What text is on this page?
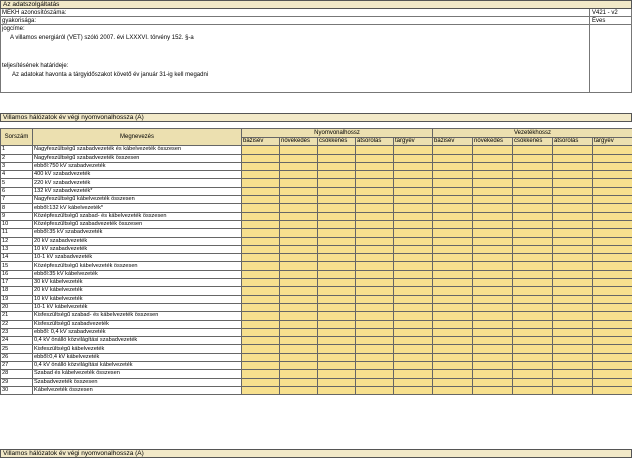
Az adatszolgáltatás
MEKH azonosítószáma:	V421 - v2
gyakorisága:	Éves
jogcíme:
A villamos energiáról (VET) szóló 2007. évi LXXXVI. törvény 152. §-a
teljesítésének határideje:
Az adatokat havonta a tárgyidőszakot követő év január 31-ig kell megadni
Villamos hálózatok év végi nyomvonalhossza (A)
Sorszám	Megnevezés	Nyomvonalhossz					Vezetékhossz				
		bázisév	növekedés	csökkenés	átsorolás	tárgyév	bázisév	növekedés	csökkenés	átsorolás	tárgyév
1	Nagyfeszültségű szabadvezeték és kábelvezeték összesen										
2	Nagyfeszültségű szabadvezeték összesen										
3	ebből:750 kV szabadvezeték										
4	400 kV szabadvezeték										
5	220 kV szabadvezeték										
6	132 kV szabadvezeték*										
7	Nagyfeszültségű kábelvezeték összesen										
8	ebből:132 kV kábelvezeték*										
9	Középfeszültségű szabad- és kábelvezeték összesen										
10	Középfeszültségű szabadvezeték összesen										
11	ebből:35 kV szabadvezeték										
12	20 kV szabadvezeték										
13	10 kV szabadvezeték										
14	10-1 kV szabadvezeték										
15	Középfeszültségű kábelvezeték összesen										
16	ebből:35 kV kábelvezeték										
17	30 kV kábelvezeték										
18	20 kV kábelvezeték										
19	10 kV kábelvezeték										
20	10-1 kV kábelvezeték										
21	Kisfeszültségű szabad- és kábelvezeték összesen										
22	Kisfeszültségű szabadvezeték										
23	ebből: 0,4 kV szabadvezeték										
24	0,4 kV önálló közvilágítási szabadvezeték										
25	Kisfeszültségű kábelvezeték										
26	ebből:0,4 kV kábelvezeték										
27	0,4 kV önálló közvilágítási kábelvezeték										
28	Szabad és kábelvezeték összesen										
29	Szabadvezeték összesen										
30	Kábelvezeték összesen										
Villamos hálózatok év végi nyomvonalhossza (A)
